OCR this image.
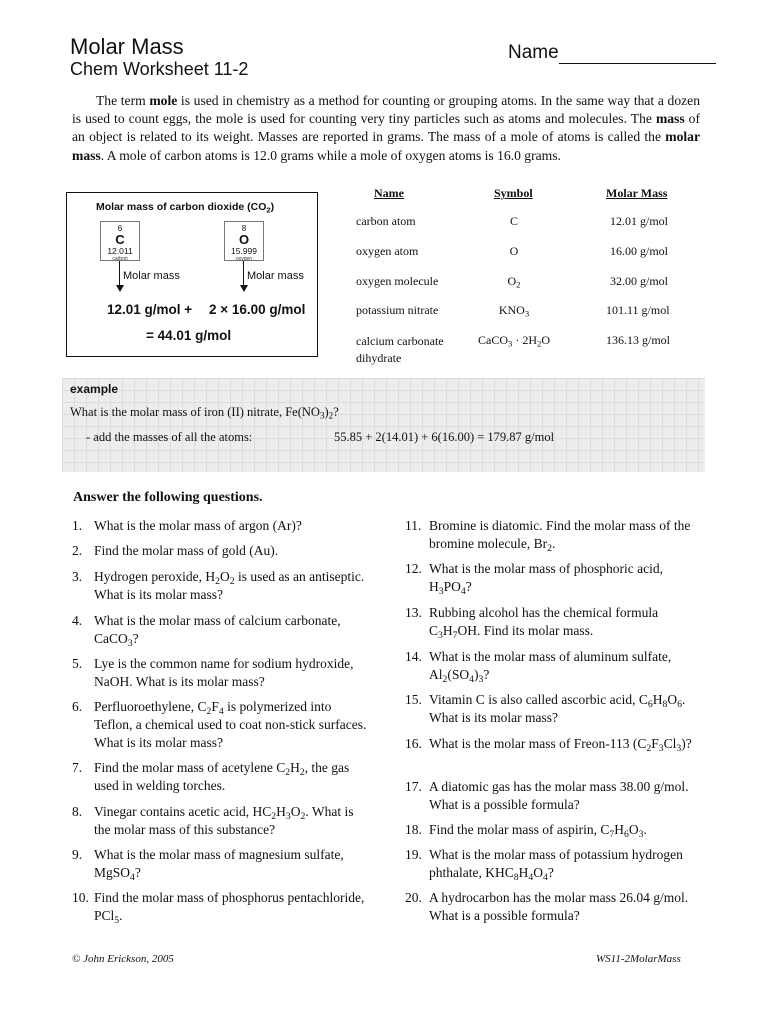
Molar Mass
Chem Worksheet 11-2
Name

The term mole is used in chemistry as a method for counting or grouping atoms. In the same way that a dozen is used to count eggs, the mole is used for counting very tiny particles such as atoms and molecules. The mass of an object is related to its weight. Masses are reported in grams. The mass of a mole of atoms is called the molar mass. A mole of carbon atoms is 12.0 grams while a mole of oxygen atoms is 16.0 grams.

Molar mass of carbon dioxide $(CO_2)$
6
C
12.011
carbon
8
O
15.999
oxygen
Molar mass	Molar mass
12.01 g/mol + 2 × 16.00 g/mol
= 44.01 g/mol
Name	Symbol	Molar Mass
carbon atom	C	12.01 g/mol
oxygen atom	O	16.00 g/mol
oxygen molecule	$O_2$	32.00 g/mol
potassium nitrate	$KNO_3$	101.11 g/mol
calcium carbonate
dihydrate
CaCO$_3$ · $2H_2O$	136.13 g/mol
example
What is the molar mass of iron (II) nitrate, $Fe(NO_3)_2$?
- add the masses of all the atoms:	55.85 + 2(14.01) + 6(16.00) = 179.87 g/mol
Answer the following questions.
1. What is the molar mass of argon (Ar)?
2. Find the molar mass of gold (Au).
3. Hydrogen peroxide, $H_2O_2$ is used as an antiseptic. What is its molar mass?
4. What is the molar mass of calcium carbonate, CaCO$_3$?
5. Lye is the common name for sodium hydroxide, NaOH. What is its molar mass?
6. Perfluoroethylene, $C_2F_4$ is polymerized into Teflon, a chemical used to coat non-stick surfaces. What is its molar mass?
7. Find the molar mass of acetylene $C_2H_2$, the gas used in welding torches.
8. Vinegar contains acetic acid, $HC_2H_3O_2$. What is the molar mass of this substance?
9. What is the molar mass of magnesium sulfate, MgSO$_4$?
10. Find the molar mass of phosphorus pentachloride, PCl$_5$.
11. Bromine is diatomic. Find the molar mass of the bromine molecule, $Br_2$.
12. What is the molar mass of phosphoric acid, $H_3PO_4$?
13. Rubbing alcohol has the chemical formula $C_3H_7OH$. Find its molar mass.
14. What is the molar mass of aluminum sulfate, $Al_2(SO_4)_3$?
15. Vitamin C is also called ascorbic acid, $C_6H_8O_6$. What is its molar mass?
16. What is the molar mass of Freon-113 $(C_2F_3Cl_3)$?
17. A diatomic gas has the molar mass 38.00 g/mol. What is a possible formula?
18. Find the molar mass of aspirin, $C_7H_6O_3$.
19. What is the molar mass of potassium hydrogen phthalate, $KHC_8H_4O_4$?
20. A hydrocarbon has the molar mass 26.04 g/mol. What is a possible formula?
© John Erickson, 2005	WS11-2MolarMass
